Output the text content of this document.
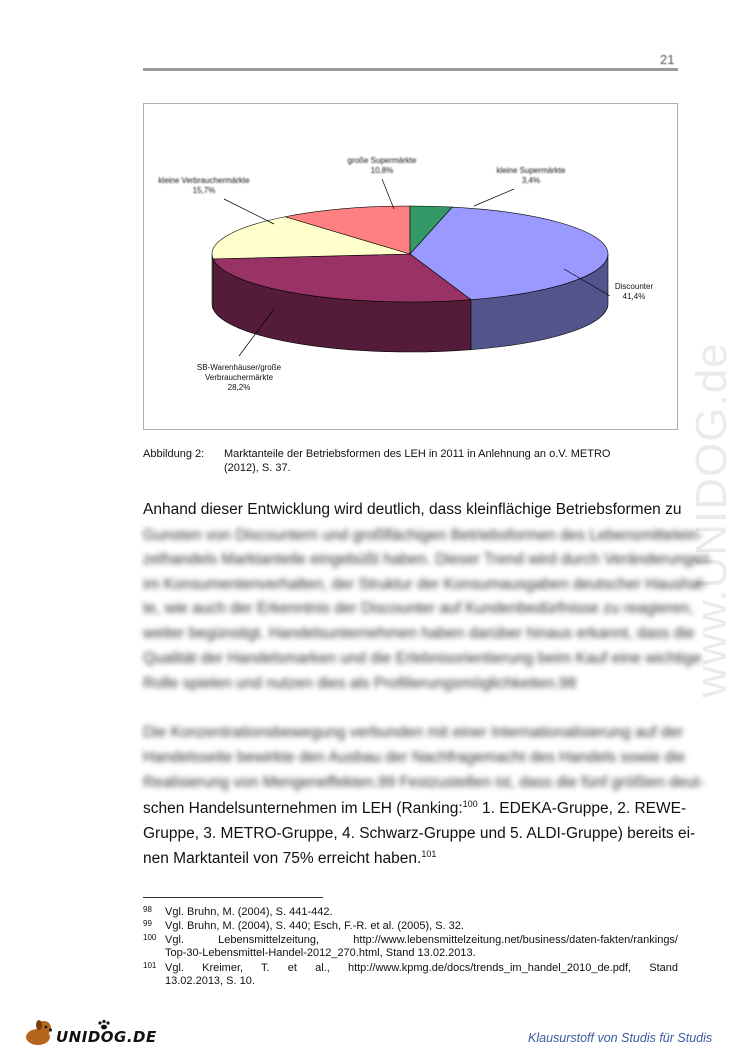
www.UNIDOG.de
21
Discounter 41,4%
SB-Warenhäuser/große Verbrauchermärkte 28,2%
kleine Verbrauchermärkte 15,7%
große Supermärkte 10,8%	kleine Supermärkte 3,4%
Abbildung 2: Marktanteile der Betriebsformen des LEH in 2011 in Anlehnung an o.V. METRO
(2012), S. 37.
Anhand dieser Entwicklung wird deutlich, dass kleinflächige Betriebsformen zu
Gunsten von Discountern und großflächigen Betriebsformen des Lebensmittelein-
zelhandels Marktanteile eingebüßt haben. Dieser Trend wird durch Veränderungen
im Konsumentenverhalten, der Struktur der Konsumausgaben deutscher Haushal-
te, wie auch der Erkenntnis der Discounter auf Kundenbedürfnisse zu reagieren,
weiter begünstigt. Handelsunternehmen haben darüber hinaus erkannt, dass die
Qualität der Handelsmarken und die Erlebnisorientierung beim Kauf eine wichtige
Rolle spielen und nutzen dies als Profilierungsmöglichkeiten.98
Die Konzentrationsbewegung verbunden mit einer Internationalisierung auf der
Handelsseite bewirkte den Ausbau der Nachfragemacht des Handels sowie die
Realisierung von Mengeneffekten.99 Festzustellen ist, dass die fünf größten deut-
schen Handelsunternehmen im LEH (Ranking:$^{100}$ 1. EDEKA-Gruppe, 2. REWE-
Gruppe, 3. METRO-Gruppe, 4. Schwarz-Gruppe und 5. ALDI-Gruppe) bereits ei-
nen Marktanteil von 75% erreicht haben.$^{101}$
98 Vgl. Bruhn, M. (2004), S. 441-442.
99 Vgl. Bruhn, M. (2004), S. 440; Esch, F.-R. et al. (2005), S. 32.
100 Vgl. Lebensmittelzeitung, http://www.lebensmittelzeitung.net/business/daten-fakten/rankings/
Top-30-Lebensmittel-Handel-2012_270.html, Stand 13.02.2013.
101 Vgl. Kreimer, T. et al., http://www.kpmg.de/docs/trends_im_handel_2010_de.pdf, Stand
13.02.2013, S. 10.
UNIDOG.DE	Klausurstoff von Studis für Studis
